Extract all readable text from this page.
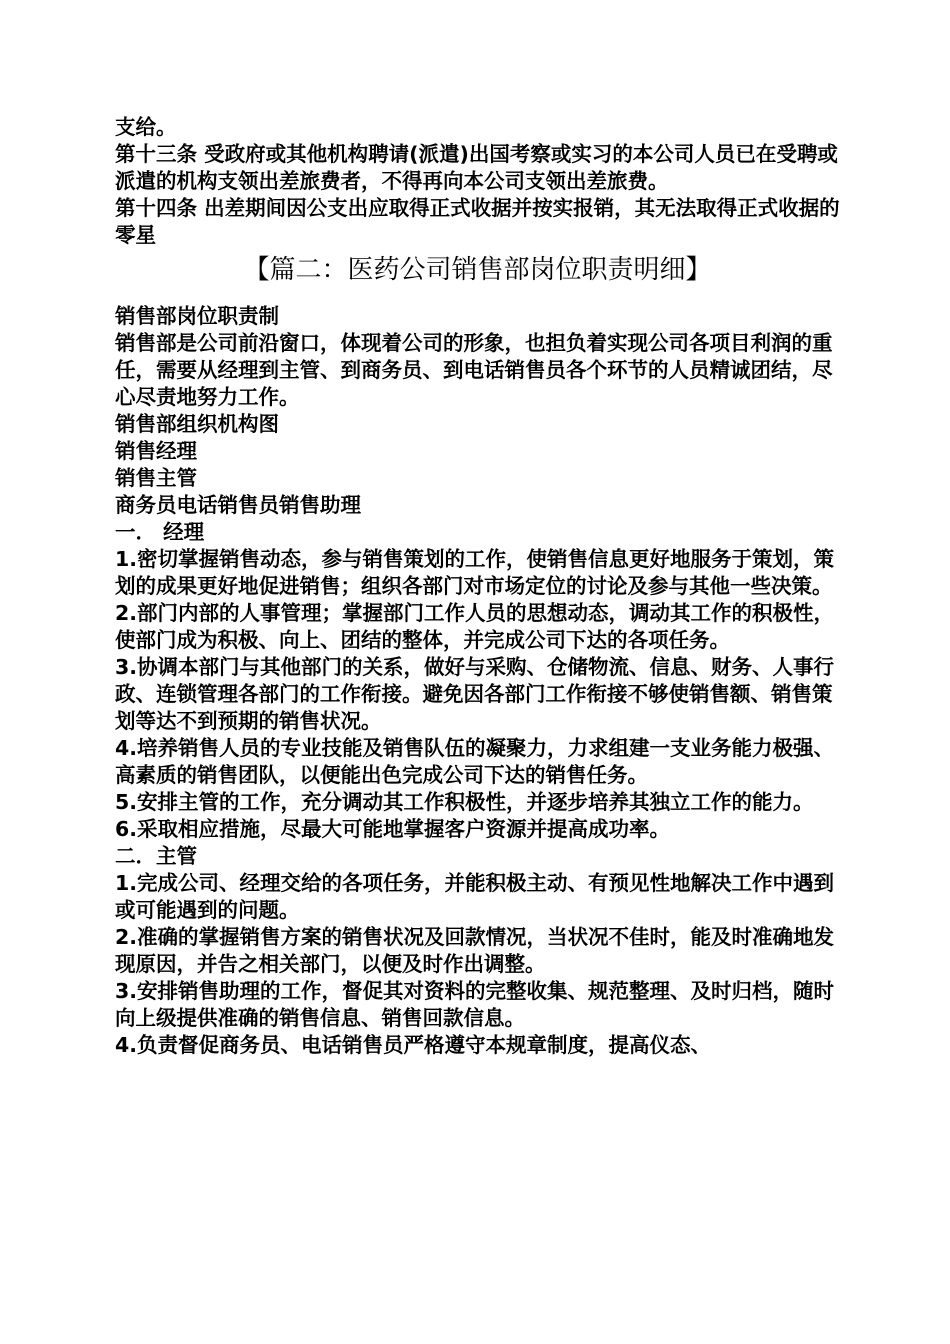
支给。

第十三条 受政府或其他机构聘请(派遣)出国考察或实习的本公司人员已在受聘或派遣的机构支领出差旅费者，不得再向本公司支领出差旅费。

第十四条 出差期间因公支出应取得正式收据并按实报销，其无法取得正式收据的零星

【篇二：医药公司销售部岗位职责明细】

销售部岗位职责制

销售部是公司前沿窗口，体现着公司的形象，也担负着实现公司各项目利润的重任，需要从经理到主管、到商务员、到电话销售员各个环节的人员精诚团结，尽心尽责地努力工作。

销售部组织机构图

销售经理

销售主管

商务员电话销售员销售助理

一． 经理

1.密切掌握销售动态，参与销售策划的工作，使销售信息更好地服务于策划，策划的成果更好地促进销售；组织各部门对市场定位的讨论及参与其他一些决策。

2.部门内部的人事管理；掌握部门工作人员的思想动态，调动其工作的积极性，使部门成为积极、向上、团结的整体，并完成公司下达的各项任务。

3.协调本部门与其他部门的关系，做好与采购、仓储物流、信息、财务、人事行政、连锁管理各部门的工作衔接。避免因各部门工作衔接不够使销售额、销售策划等达不到预期的销售状况。

4.培养销售人员的专业技能及销售队伍的凝聚力，力求组建一支业务能力极强、高素质的销售团队，以便能出色完成公司下达的销售任务。

5.安排主管的工作，充分调动其工作积极性，并逐步培养其独立工作的能力。

6.采取相应措施，尽最大可能地掌握客户资源并提高成功率。

二．主管

1.完成公司、经理交给的各项任务，并能积极主动、有预见性地解决工作中遇到或可能遇到的问题。

2.准确的掌握销售方案的销售状况及回款情况，当状况不佳时，能及时准确地发现原因，并告之相关部门，以便及时作出调整。

3.安排销售助理的工作，督促其对资料的完整收集、规范整理、及时归档，随时向上级提供准确的销售信息、销售回款信息。

4.负责督促商务员、电话销售员严格遵守本规章制度，提高仪态、
